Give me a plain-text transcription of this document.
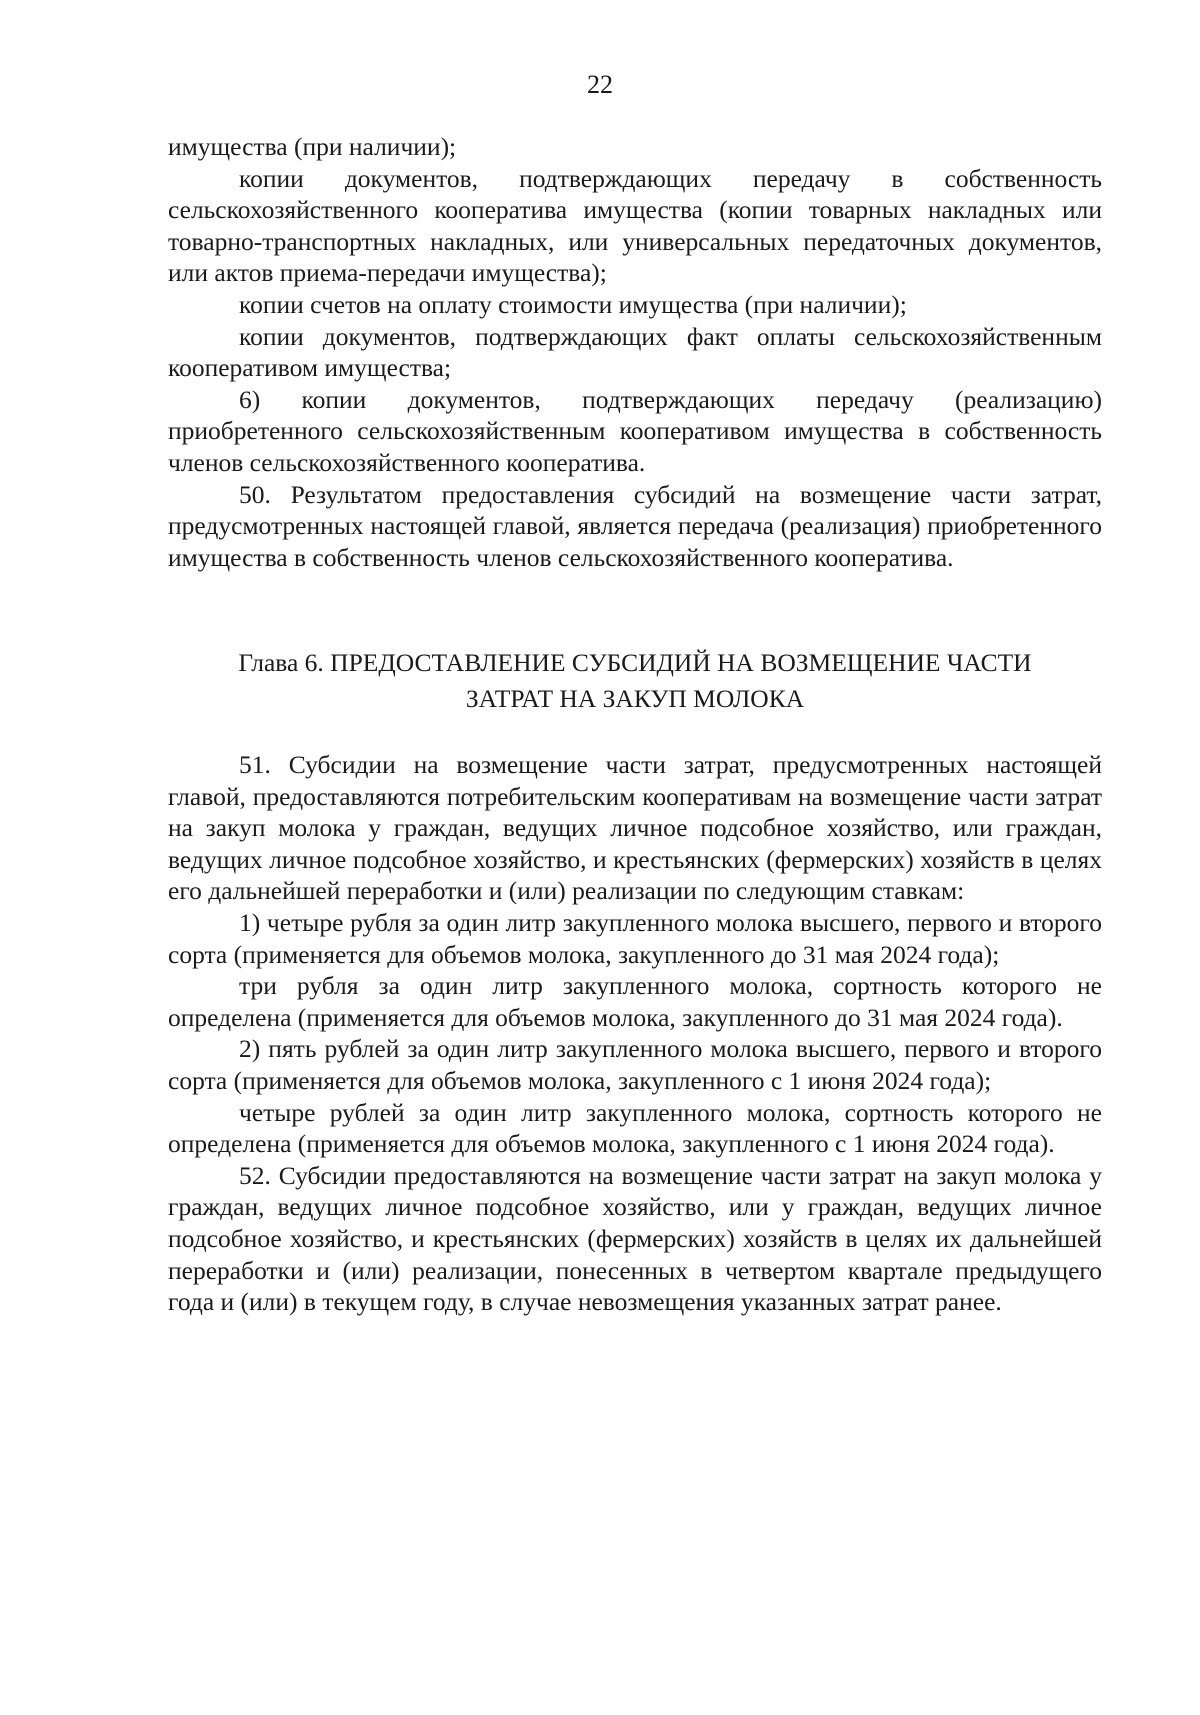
22

имущества (при наличии);

копии документов, подтверждающих передачу в собственность сельскохозяйственного кооператива имущества (копии товарных накладных или товарно-транспортных накладных, или универсальных передаточных документов, или актов приема-передачи имущества);

копии счетов на оплату стоимости имущества (при наличии);

копии документов, подтверждающих факт оплаты сельскохозяйственным кооперативом имущества;

6) копии документов, подтверждающих передачу (реализацию) приобретенного сельскохозяйственным кооперативом имущества в собственность членов сельскохозяйственного кооператива.

50. Результатом предоставления субсидий на возмещение части затрат, предусмотренных настоящей главой, является передача (реализация) приобретенного имущества в собственность членов сельскохозяйственного кооператива.

Глава 6. ПРЕДОСТАВЛЕНИЕ СУБСИДИЙ НА ВОЗМЕЩЕНИЕ ЧАСТИ
ЗАТРАТ НА ЗАКУП МОЛОКА

51. Субсидии на возмещение части затрат, предусмотренных настоящей главой, предоставляются потребительским кооперативам на возмещение части затрат на закуп молока у граждан, ведущих личное подсобное хозяйство, или граждан, ведущих личное подсобное хозяйство, и крестьянских (фермерских) хозяйств в целях его дальнейшей переработки и (или) реализации по следующим ставкам:

1) четыре рубля за один литр закупленного молока высшего, первого и второго сорта (применяется для объемов молока, закупленного до 31 мая 2024 года);

три рубля за один литр закупленного молока, сортность которого не определена (применяется для объемов молока, закупленного до 31 мая 2024 года).

2) пять рублей за один литр закупленного молока высшего, первого и второго сорта (применяется для объемов молока, закупленного с 1 июня 2024 года);

четыре рублей за один литр закупленного молока, сортность которого не определена (применяется для объемов молока, закупленного с 1 июня 2024 года).

52. Субсидии предоставляются на возмещение части затрат на закуп молока у граждан, ведущих личное подсобное хозяйство, или у граждан, ведущих личное подсобное хозяйство, и крестьянских (фермерских) хозяйств в целях их дальнейшей переработки и (или) реализации, понесенных в четвертом квартале предыдущего года и (или) в текущем году, в случае невозмещения указанных затрат ранее.
